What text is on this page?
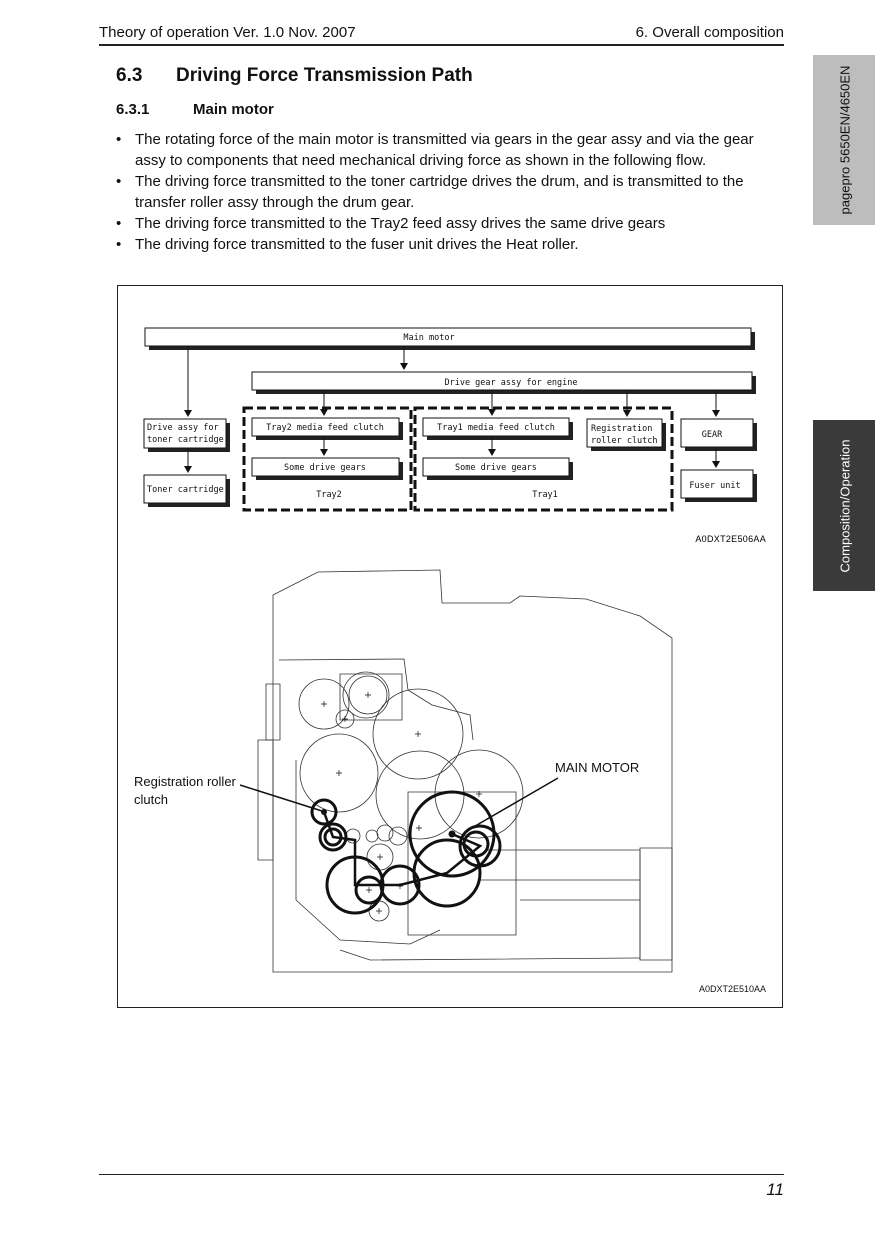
Theory of operation Ver. 1.0 Nov. 2007	6. Overall composition
6.3 Driving Force Transmission Path
6.3.1	Main motor
• The rotating force of the main motor is transmitted via gears in the gear assy and via the gear assy to components that need mechanical driving force as shown in the following flow.
• The driving force transmitted to the toner cartridge drives the drum, and is transmitted to the transfer roller assy through the drum gear.
• The driving force transmitted to the Tray2 feed assy drives the same drive gears
• The driving force transmitted to the fuser unit drives the Heat roller.
pagepro 5650EN/4650EN
Composition/Operation
Main motor
Drive gear assy for engine
Drive assy for
toner cartridge
Toner cartridge
Tray2 media feed clutch
Some drive gears
Tray2
Tray1 media feed clutch
Some drive gears
Tray1
Registration
roller clutch
GEAR
Fuser unit
A0DXT2E506AA
Registration roller
clutch
MAIN MOTOR
A0DXT2E510AA
11
